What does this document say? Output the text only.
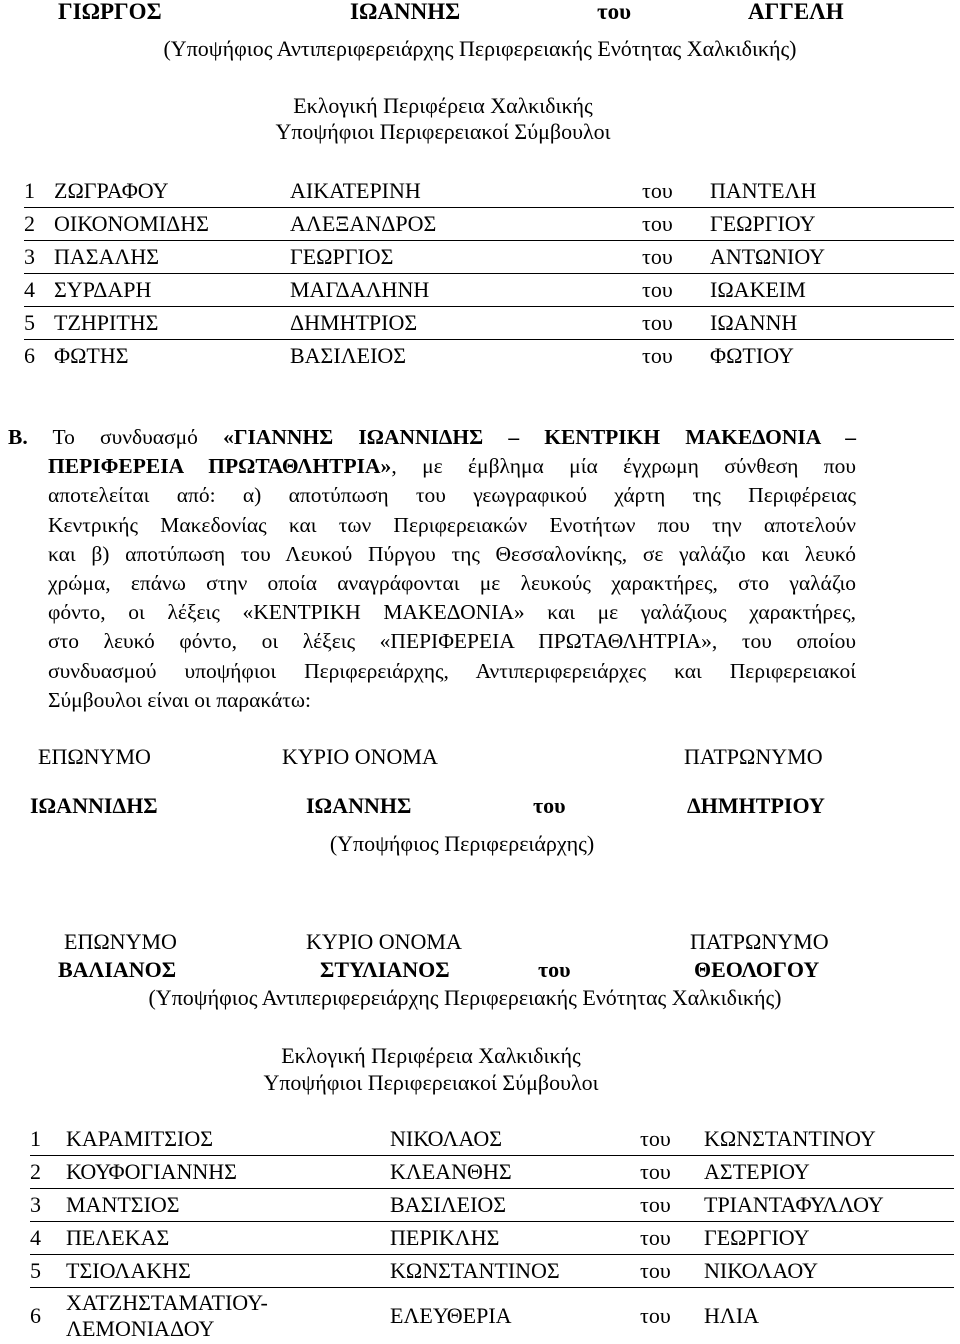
ΓΙΩΡΓΟΣ	ΙΩΑΝΝΗΣ	του	ΑΓΓΕΛΗ
(Υποψήφιος Αντιπεριφερειάρχης Περιφερειακής Ενότητας Χαλκιδικής)
Εκλογική Περιφέρεια Χαλκιδικής
Υποψήφιοι Περιφερειακοί Σύμβουλοι
1	ΖΩΓΡΑΦΟΥ	ΑΙΚΑΤΕΡΙΝΗ	του	ΠΑΝΤΕΛΗ
2	ΟΙΚΟΝΟΜΙΔΗΣ	ΑΛΕΞΑΝΔΡΟΣ	του	ΓΕΩΡΓΙΟΥ
3	ΠΑΣΑΛΗΣ	ΓΕΩΡΓΙΟΣ	του	ΑΝΤΩΝΙΟΥ
4	ΣΥΡΔΑΡΗ	ΜΑΓΔΑΛΗΝΗ	του	ΙΩΑΚΕΙΜ
5	ΤΖΗΡΙΤΗΣ	ΔΗΜΗΤΡΙΟΣ	του	ΙΩΑΝΝΗ
6	ΦΩΤΗΣ	ΒΑΣΙΛΕΙΟΣ	του	ΦΩΤΙΟΥ
Β. Το συνδυασμό «ΓΙΑΝΝΗΣ ΙΩΑΝΝΙΔΗΣ – ΚΕΝΤΡΙΚΗ ΜΑΚΕΔΟΝΙΑ –
ΠΕΡΙΦΕΡΕΙΑ ΠΡΩΤΑΘΛΗΤΡΙΑ», με έμβλημα μία έγχρωμη σύνθεση που
αποτελείται από: α) αποτύπωση του γεωγραφικού χάρτη της Περιφέρειας
Κεντρικής Μακεδονίας και των Περιφερειακών Ενοτήτων που την αποτελούν
και β) αποτύπωση του Λευκού Πύργου της Θεσσαλονίκης, σε γαλάζιο και λευκό
χρώμα, επάνω στην οποία αναγράφονται με λευκούς χαρακτήρες, στο γαλάζιο
φόντο, οι λέξεις «ΚΕΝΤΡΙΚΗ ΜΑΚΕΔΟΝΙΑ» και με γαλάζιους χαρακτήρες,
στο λευκό φόντο, οι λέξεις «ΠΕΡΙΦΕΡΕΙΑ ΠΡΩΤΑΘΛΗΤΡΙΑ», του οποίου
συνδυασμού υποψήφιοι Περιφερειάρχης, Αντιπεριφερειάρχες και Περιφερειακοί
Σύμβουλοι είναι οι παρακάτω:
ΕΠΩΝΥΜΟ	ΚΥΡΙΟ ΟΝΟΜΑ	ΠΑΤΡΩΝΥΜΟ
ΙΩΑΝΝΙΔΗΣ	ΙΩΑΝΝΗΣ	του	ΔΗΜΗΤΡΙΟΥ
(Υποψήφιος Περιφερειάρχης)
ΕΠΩΝΥΜΟ	ΚΥΡΙΟ ΟΝΟΜΑ	ΠΑΤΡΩΝΥΜΟ
ΒΑΛΙΑΝΟΣ	ΣΤΥΛΙΑΝΟΣ	του	ΘΕΟΛΟΓΟΥ
(Υποψήφιος Αντιπεριφερειάρχης Περιφερειακής Ενότητας Χαλκιδικής)
Εκλογική Περιφέρεια Χαλκιδικής
Υποψήφιοι Περιφερειακοί Σύμβουλοι
1	ΚΑΡΑΜΙΤΣΙΟΣ	ΝΙΚΟΛΑΟΣ	του	ΚΩΝΣΤΑΝΤΙΝΟΥ
2	ΚΟΥΦΟΓΙΑΝΝΗΣ	ΚΛΕΑΝΘΗΣ	του	ΑΣΤΕΡΙΟΥ
3	ΜΑΝΤΣΙΟΣ	ΒΑΣΙΛΕΙΟΣ	του	ΤΡΙΑΝΤΑΦΥΛΛΟΥ
4	ΠΕΛΕΚΑΣ	ΠΕΡΙΚΛΗΣ	του	ΓΕΩΡΓΙΟΥ
5	ΤΣΙΟΛΑΚΗΣ	ΚΩΝΣΤΑΝΤΙΝΟΣ	του	ΝΙΚΟΛΑΟΥ
6	ΧΑΤΖΗΣΤΑΜΑΤΙΟΥ-
ΛΕΜΟΝΙΑΔΟΥ	ΕΛΕΥΘΕΡΙΑ	του	ΗΛΙΑ
